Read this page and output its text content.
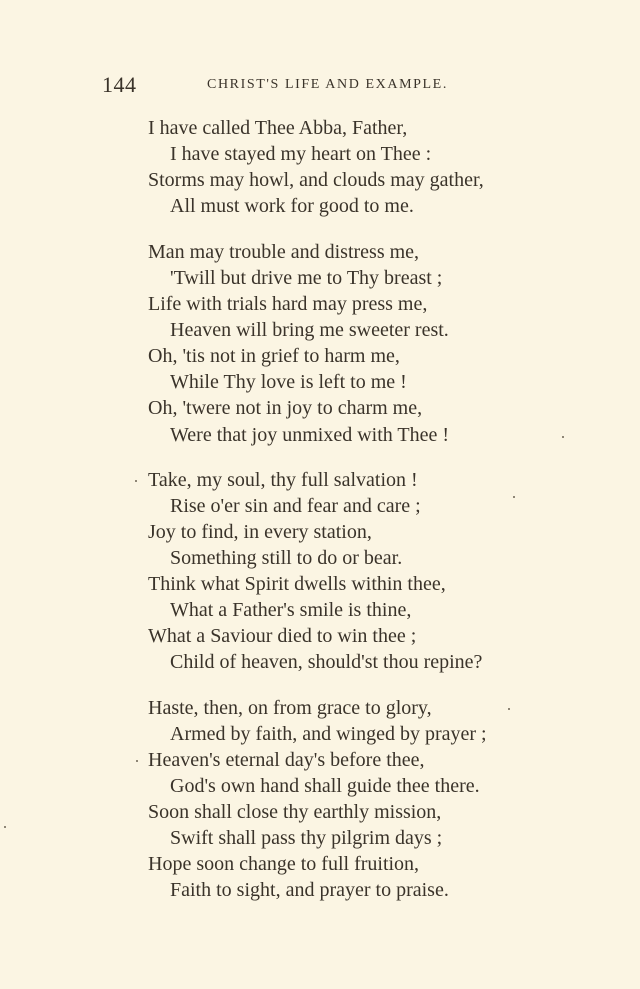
144	CHRIST'S LIFE AND EXAMPLE.
I have called Thee Abba, Father,
I have stayed my heart on Thee :
Storms may howl, and clouds may gather,
All must work for good to me.
Man may trouble and distress me,
'Twill but drive me to Thy breast ;
Life with trials hard may press me,
Heaven will bring me sweeter rest.
Oh, 'tis not in grief to harm me,
While Thy love is left to me !
Oh, 'twere not in joy to charm me,
Were that joy unmixed with Thee !
Take, my soul, thy full salvation !
Rise o'er sin and fear and care ;
Joy to find, in every station,
Something still to do or bear.
Think what Spirit dwells within thee,
What a Father's smile is thine,
What a Saviour died to win thee ;
Child of heaven, should'st thou repine?
Haste, then, on from grace to glory,
Armed by faith, and winged by prayer ;
Heaven's eternal day's before thee,
God's own hand shall guide thee there.
Soon shall close thy earthly mission,
Swift shall pass thy pilgrim days ;
Hope soon change to full fruition,
Faith to sight, and prayer to praise.
